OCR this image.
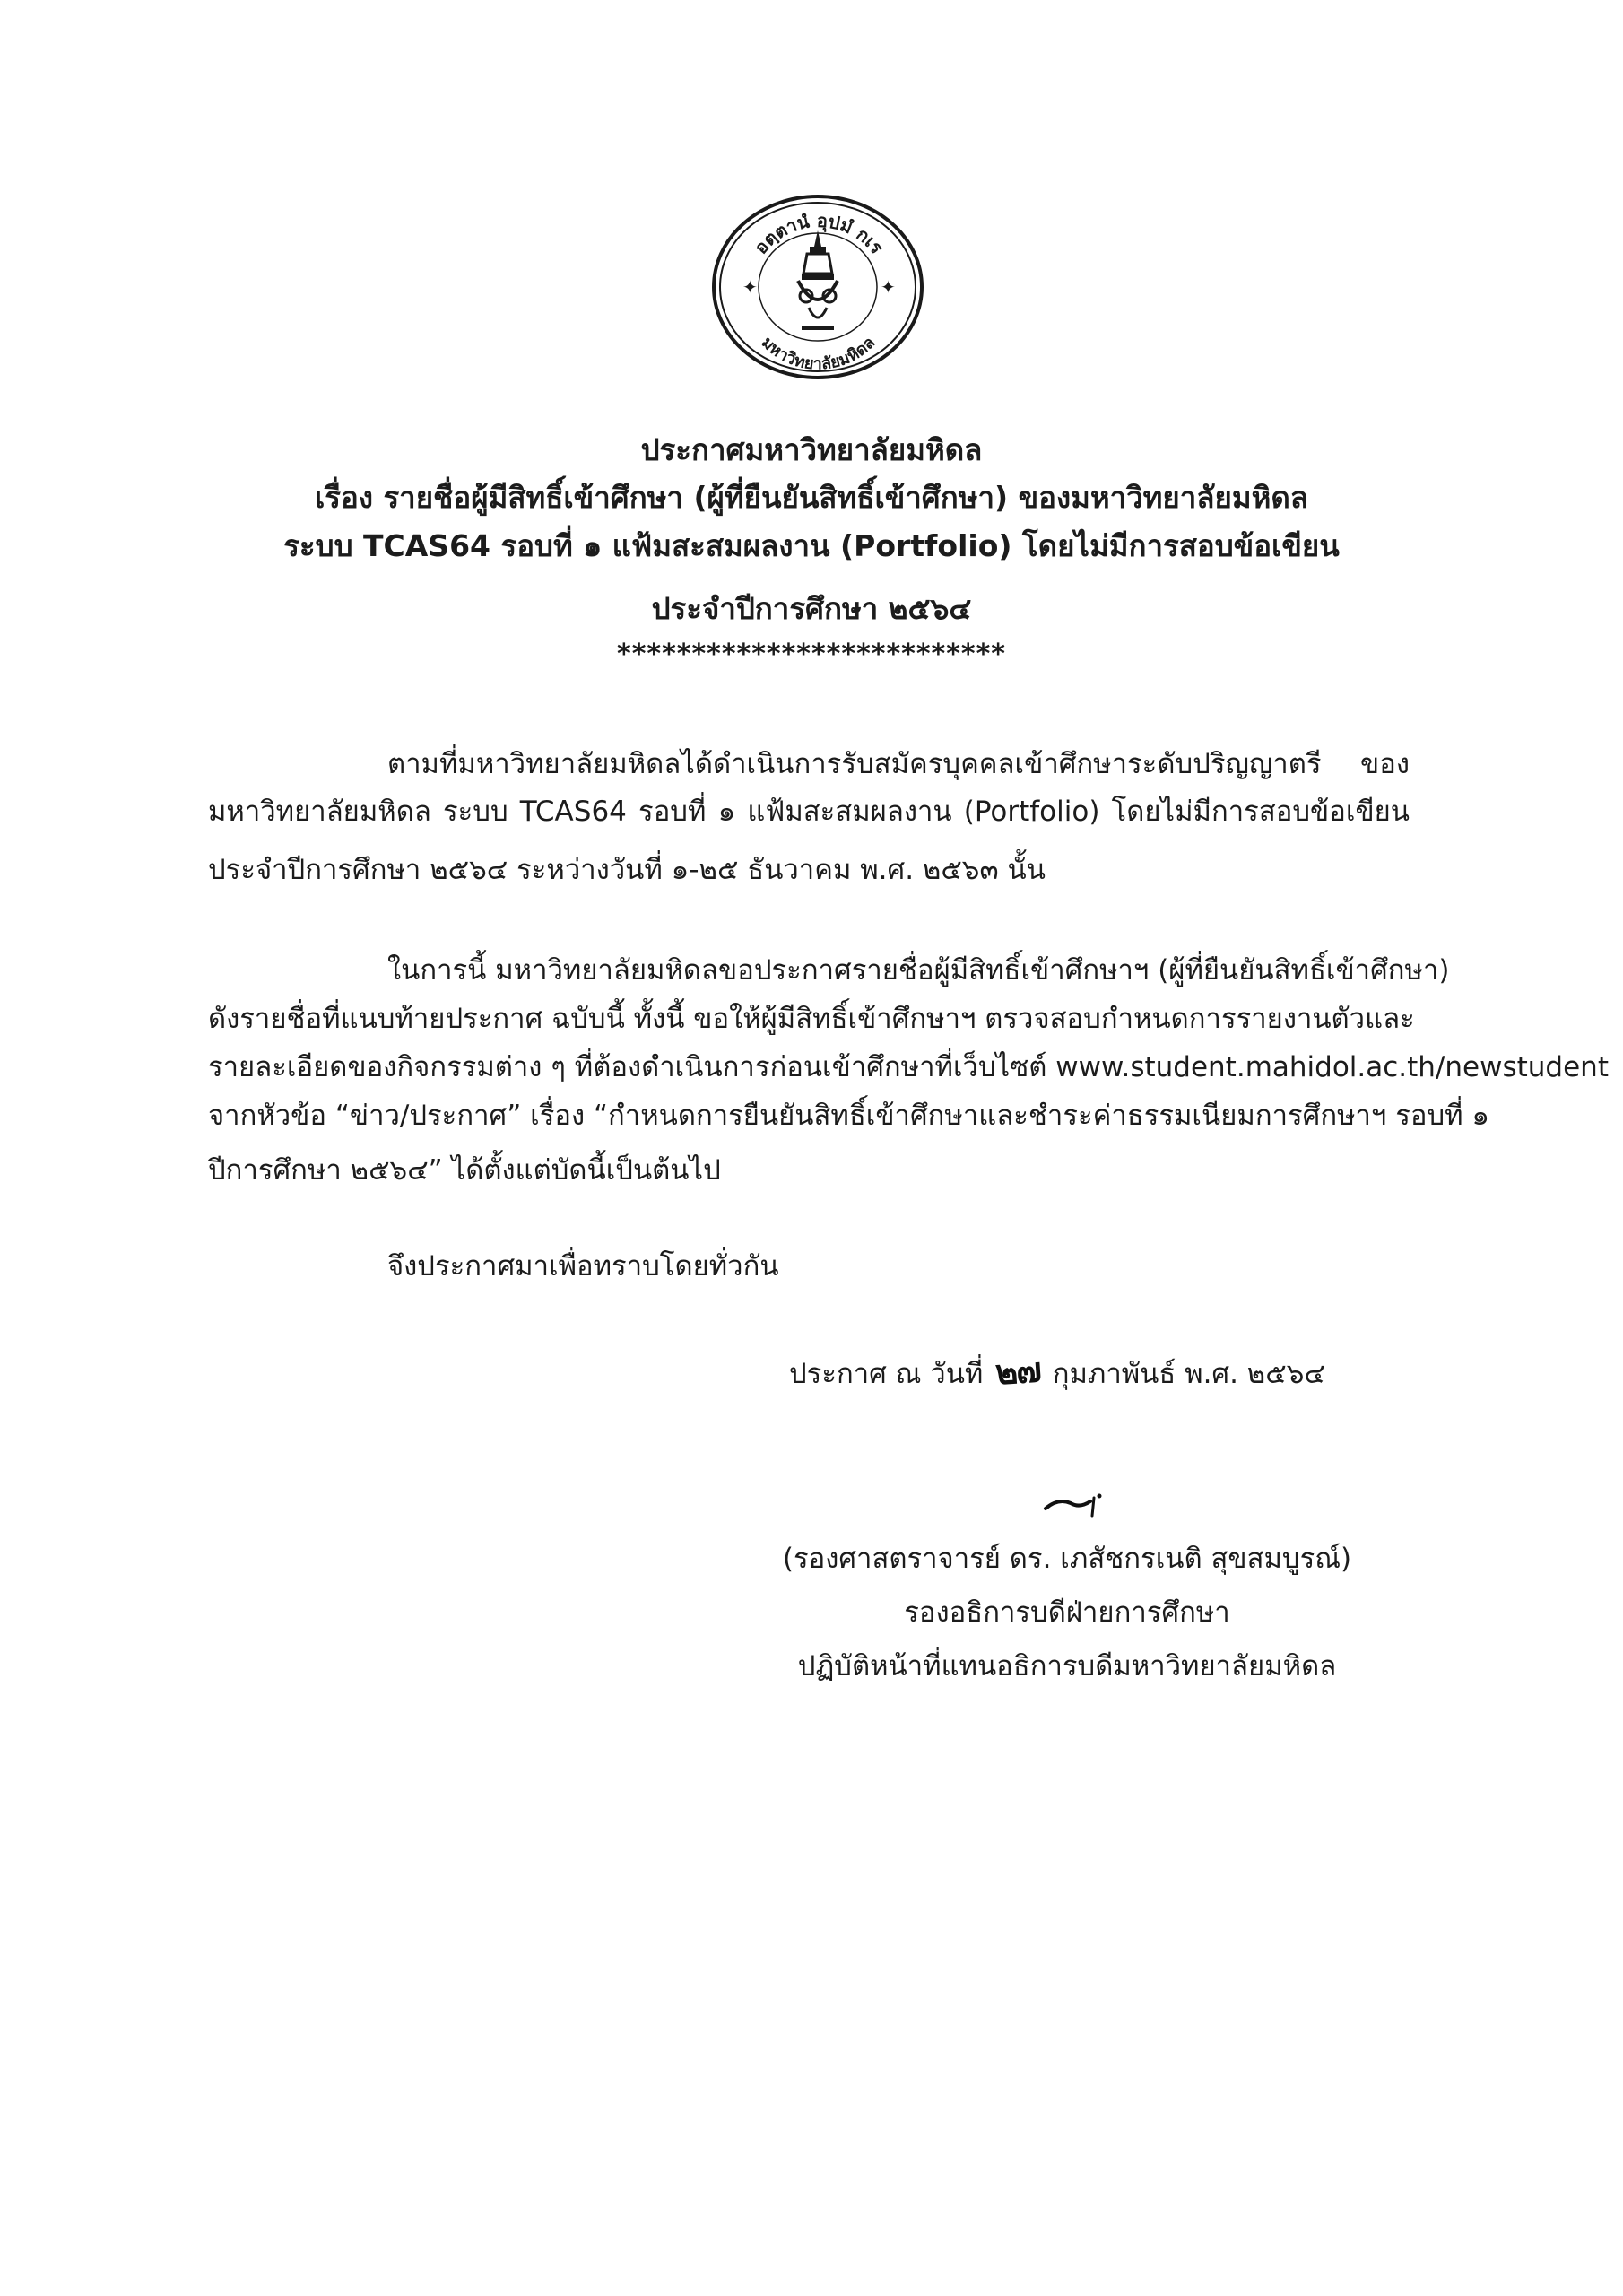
อตฺตานํ อุปมํ กเร
มหาวิทยาลัยมหิดล
✦	✦
ประกาศมหาวิทยาลัยมหิดล
เรื่อง รายชื่อผู้มีสิทธิ์เข้าศึกษา (ผู้ที่ยืนยันสิทธิ์เข้าศึกษา) ของมหาวิทยาลัยมหิดล
ระบบ TCAS64 รอบที่ ๑ แฟ้มสะสมผลงาน (Portfolio) โดยไม่มีการสอบข้อเขียน
ประจำปีการศึกษา ๒๕๖๔
**************************
ตามที่มหาวิทยาลัยมหิดลได้ดำเนินการรับสมัครบุคคลเข้าศึกษาระดับปริญญาตรี ของ
มหาวิทยาลัยมหิดล ระบบ TCAS64 รอบที่ ๑ แฟ้มสะสมผลงาน (Portfolio) โดยไม่มีการสอบข้อเขียน
ประจำปีการศึกษา ๒๕๖๔ ระหว่างวันที่ ๑-๒๕ ธันวาคม พ.ศ. ๒๕๖๓ นั้น
ในการนี้ มหาวิทยาลัยมหิดลขอประกาศรายชื่อผู้มีสิทธิ์เข้าศึกษาฯ (ผู้ที่ยืนยันสิทธิ์เข้าศึกษา)
ดังรายชื่อที่แนบท้ายประกาศ ฉบับนี้ ทั้งนี้ ขอให้ผู้มีสิทธิ์เข้าศึกษาฯ ตรวจสอบกำหนดการรายงานตัวและ
รายละเอียดของกิจกรรมต่าง ๆ ที่ต้องดำเนินการก่อนเข้าศึกษาที่เว็บไซต์ www.student.mahidol.ac.th/newstudent
จากหัวข้อ “ข่าว/ประกาศ” เรื่อง “กำหนดการยืนยันสิทธิ์เข้าศึกษาและชำระค่าธรรมเนียมการศึกษาฯ รอบที่ ๑
ปีการศึกษา ๒๕๖๔” ได้ตั้งแต่บัดนี้เป็นต้นไป
จึงประกาศมาเพื่อทราบโดยทั่วกัน
ประกาศ ณ วันที่ ๒๗ กุมภาพันธ์ พ.ศ. ๒๕๖๔
(รองศาสตราจารย์ ดร. เภสัชกรเนติ สุขสมบูรณ์)
รองอธิการบดีฝ่ายการศึกษา
ปฏิบัติหน้าที่แทนอธิการบดีมหาวิทยาลัยมหิดล
